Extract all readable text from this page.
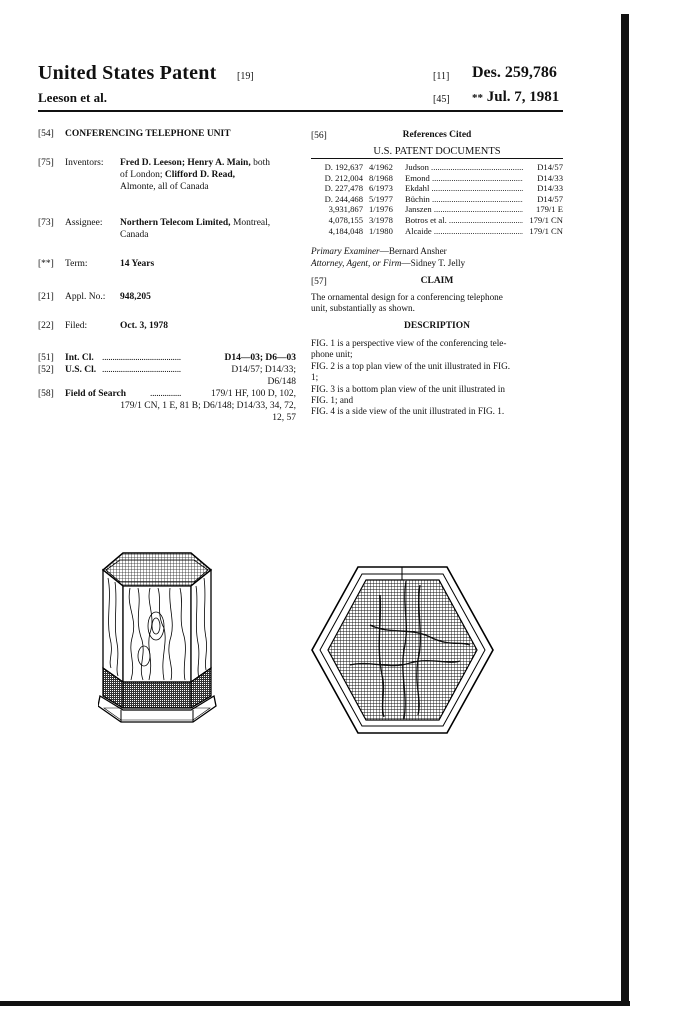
United States Patent [19]
Leeson et al.
[11] Des. 259,786
[45] ** Jul. 7, 1981
[54] CONFERENCING TELEPHONE UNIT
[75] Inventors: Fred D. Leeson; Henry A. Main, both
of London; Clifford D. Read,
Almonte, all of Canada
[73] Assignee: Northern Telecom Limited, Montreal,
Canada
[**] Term:	14 Years
[21] Appl. No.: 948,205
[22] Filed:	Oct. 3, 1978
[51] Int. Cl. ......................................	D14—03; D6—03
[52] U.S. Cl. ......................................	D14/57; D14/33;
D6/148
[58] Field of Search	...............	179/1 HF, 100 D, 102,
179/1 CN, 1 E, 81 B; D6/148; D14/33, 34, 72,
12, 57
[56]	References Cited
U.S. PATENT DOCUMENTS
D. 192,637	4/1962	Judson .....	D14/57
D. 212,004	8/1968	Emond .....	D14/33
D. 227,478	6/1973	Ekdahl .....	D14/33
D. 244,468	5/1977	Büchin .....	D14/57
3,931,867	1/1976	Janszen .....	179/1 E
4,078,155	3/1978	Botros et al. .....	179/1 CN
4,184,048	1/1980	Alcaide .....	179/1 CN
Primary Examiner—Bernard Ansher
Attorney, Agent, or Firm—Sidney T. Jelly
[57]	CLAIM
The ornamental design for a conferencing telephone
unit, substantially as shown.
DESCRIPTION
FIG. 1 is a perspective view of the conferencing tele-
phone unit;
FIG. 2 is a top plan view of the unit illustrated in FIG.
1;
FIG. 3 is a bottom plan view of the unit illustrated in
FIG. 1; and
FIG. 4 is a side view of the unit illustrated in FIG. 1.
